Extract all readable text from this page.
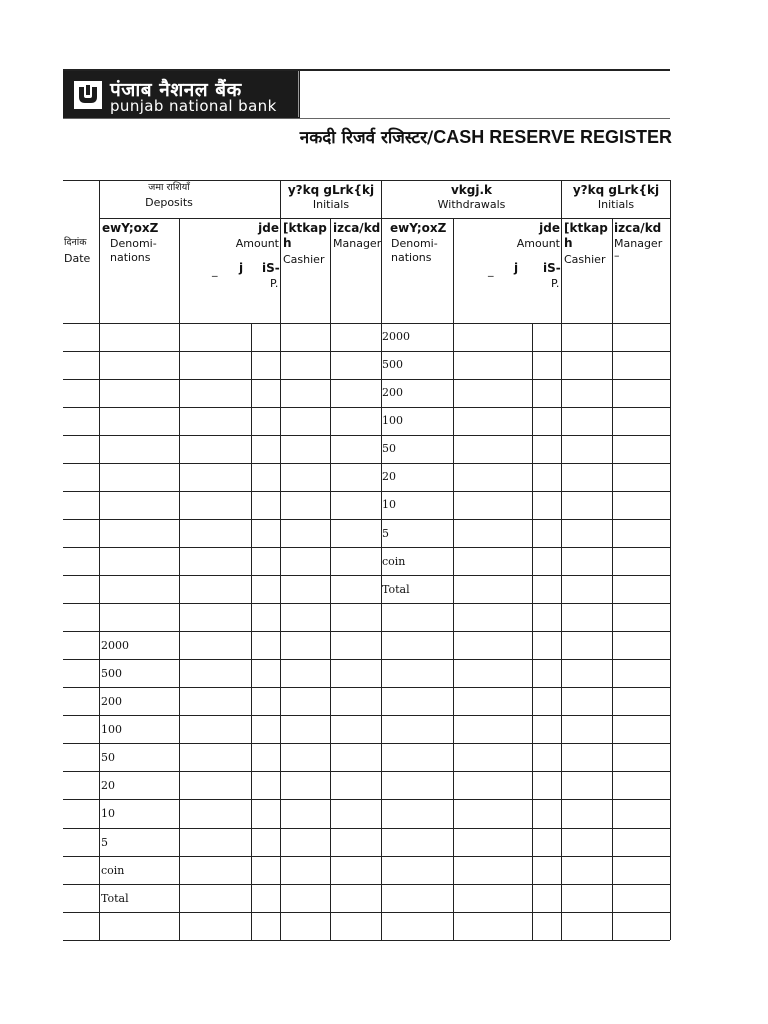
पंजाब नैशनल बैंक
punjab national bank
नकदी रिजर्व रजिस्टर/CASH RESERVE REGISTER
जमा राशियाँ
Deposits
y?kq gLrk{kj
Initials
vkgj.k
Withdrawals
y?kq gLrk{kj
Initials
दिनांक
Date
ewY;oxZ
Denomi-
nations
jde
Amount
_ j iS-
P.
[ktkap
h
Cashier
izca/kd
Manager
ewY;oxZ
Denomi-
nations
jde
Amount
_ j iS-
P.
[ktkap
h
Cashier
izca/kd
Manager
–
2000
500
200
100
50
20
10
5
coin
Total
2000
500
200
100
50
20
10
5
coin
Total
